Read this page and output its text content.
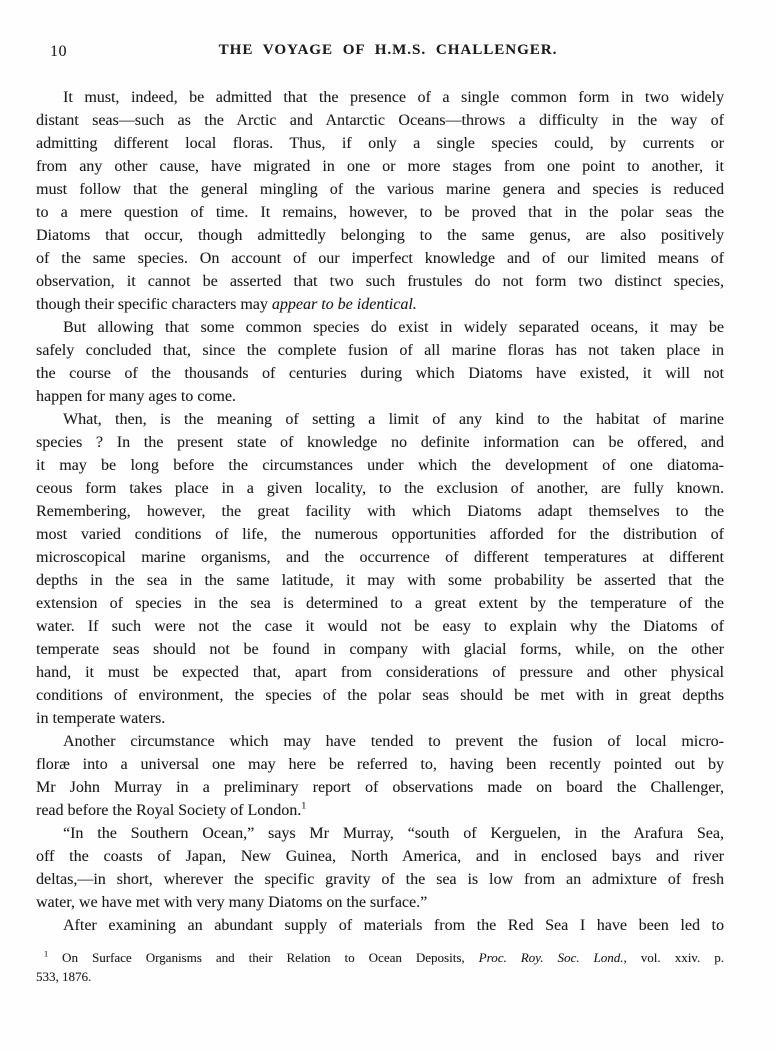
10	THE VOYAGE OF H.M.S. CHALLENGER.
It must, indeed, be admitted that the presence of a single common form in two widely
distant seas—such as the Arctic and Antarctic Oceans—throws a difficulty in the way of
admitting different local floras. Thus, if only a single species could, by currents or
from any other cause, have migrated in one or more stages from one point to another, it
must follow that the general mingling of the various marine genera and species is reduced
to a mere question of time. It remains, however, to be proved that in the polar seas the
Diatoms that occur, though admittedly belonging to the same genus, are also positively
of the same species. On account of our imperfect knowledge and of our limited means of
observation, it cannot be asserted that two such frustules do not form two distinct species,
though their specific characters may appear to be identical.
But allowing that some common species do exist in widely separated oceans, it may be
safely concluded that, since the complete fusion of all marine floras has not taken place in
the course of the thousands of centuries during which Diatoms have existed, it will not
happen for many ages to come.
What, then, is the meaning of setting a limit of any kind to the habitat of marine
species ? In the present state of knowledge no definite information can be offered, and
it may be long before the circumstances under which the development of one diatoma-
ceous form takes place in a given locality, to the exclusion of another, are fully known.
Remembering, however, the great facility with which Diatoms adapt themselves to the
most varied conditions of life, the numerous opportunities afforded for the distribution of
microscopical marine organisms, and the occurrence of different temperatures at different
depths in the sea in the same latitude, it may with some probability be asserted that the
extension of species in the sea is determined to a great extent by the temperature of the
water. If such were not the case it would not be easy to explain why the Diatoms of
temperate seas should not be found in company with glacial forms, while, on the other
hand, it must be expected that, apart from considerations of pressure and other physical
conditions of environment, the species of the polar seas should be met with in great depths
in temperate waters.
Another circumstance which may have tended to prevent the fusion of local micro-
floræ into a universal one may here be referred to, having been recently pointed out by
Mr John Murray in a preliminary report of observations made on board the Challenger,
read before the Royal Society of London.$^1$
“In the Southern Ocean,” says Mr Murray, “south of Kerguelen, in the Arafura Sea,
off the coasts of Japan, New Guinea, North America, and in enclosed bays and river
deltas,—in short, wherever the specific gravity of the sea is low from an admixture of fresh
water, we have met with very many Diatoms on the surface.”
After examining an abundant supply of materials from the Red Sea I have been led to
$^1$ On Surface Organisms and their Relation to Ocean Deposits, Proc. Roy. Soc. Lond., vol. xxiv. p.
533, 1876.
